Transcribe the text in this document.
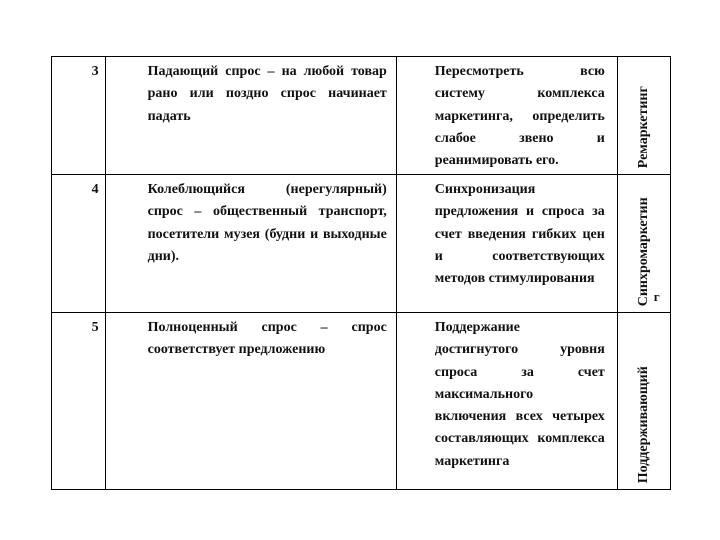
3	Падающий спрос – на любой товар рано или поздно спрос начинает падать	Пересмотреть всю систему комплекса маркетинга, определить слабое звено и реанимировать его.	Ремаркетинг

4	Колеблющийся (нерегулярный) спрос – общественный транспорт, посетители музея (будни и выходные дни).	Синхронизация предложения и спроса за счет введения гибких цен и соответствующих методов стимулирования	Синхромаркетин г

5	Полноценный спрос – спрос соответствует предложению	Поддержание достигнутого уровня спроса за счет максимального включения всех четырех составляющих комплекса маркетинга	Поддерживающий
